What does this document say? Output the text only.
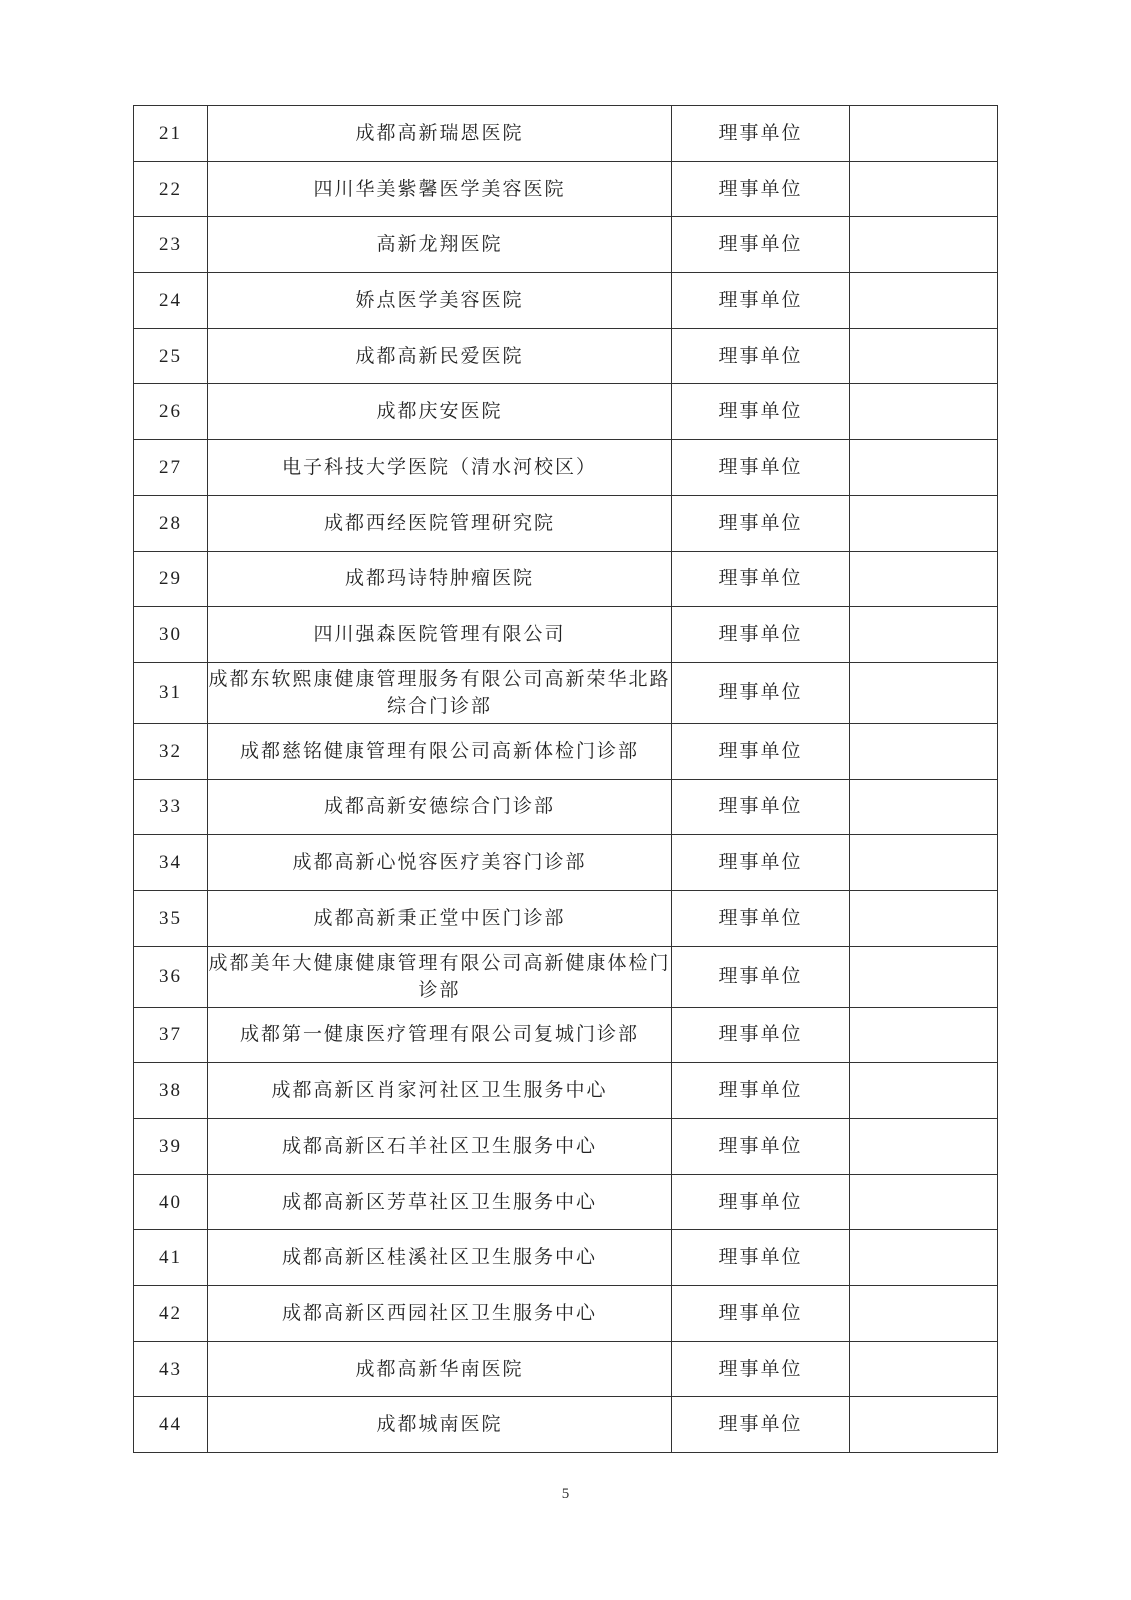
21	成都高新瑞恩医院	理事单位	
22	四川华美紫馨医学美容医院	理事单位	
23	高新龙翔医院	理事单位	
24	娇点医学美容医院	理事单位	
25	成都高新民爱医院	理事单位	
26	成都庆安医院	理事单位	
27	电子科技大学医院（清水河校区）	理事单位	
28	成都西经医院管理研究院	理事单位	
29	成都玛诗特肿瘤医院	理事单位	
30	四川强森医院管理有限公司	理事单位	
31	成都东软熙康健康管理服务有限公司高新荣华北路综合门诊部	理事单位	
32	成都慈铭健康管理有限公司高新体检门诊部	理事单位	
33	成都高新安德综合门诊部	理事单位	
34	成都高新心悦容医疗美容门诊部	理事单位	
35	成都高新秉正堂中医门诊部	理事单位	
36	成都美年大健康健康管理有限公司高新健康体检门诊部	理事单位	
37	成都第一健康医疗管理有限公司复城门诊部	理事单位	
38	成都高新区肖家河社区卫生服务中心	理事单位	
39	成都高新区石羊社区卫生服务中心	理事单位	
40	成都高新区芳草社区卫生服务中心	理事单位	
41	成都高新区桂溪社区卫生服务中心	理事单位	
42	成都高新区西园社区卫生服务中心	理事单位	
43	成都高新华南医院	理事单位	
44	成都城南医院	理事单位	
5
